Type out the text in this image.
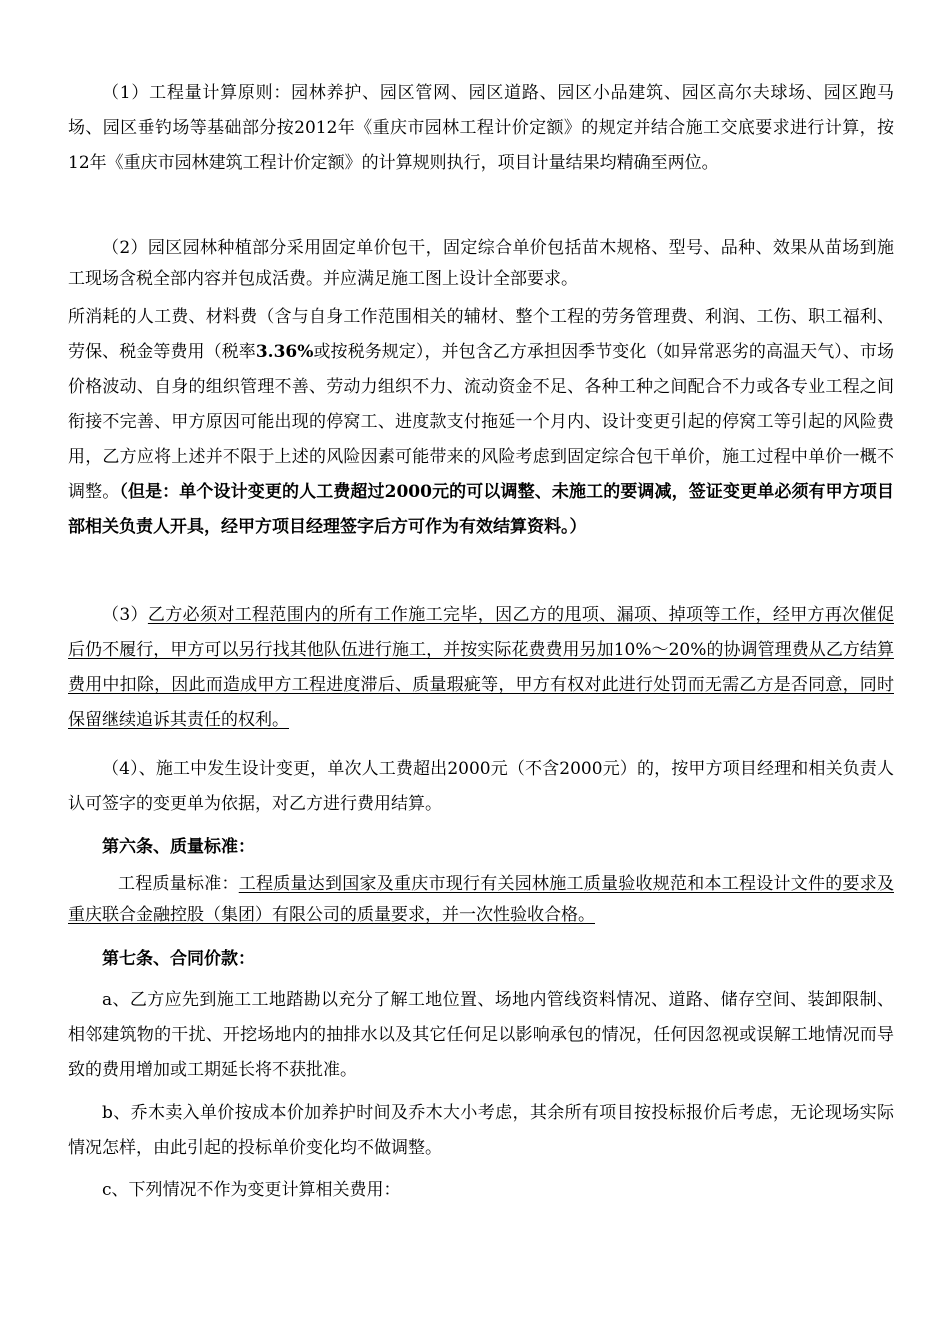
（1）工程量计算原则：园林养护、园区管网、园区道路、园区小品建筑、园区高尔夫球场、园区跑马场、园区垂钓场等基础部分按2012年《重庆市园林工程计价定额》的规定并结合施工交底要求进行计算，按12年《重庆市园林建筑工程计价定额》的计算规则执行，项目计量结果均精确至两位。

（2）园区园林种植部分采用固定单价包干，固定综合单价包括苗木规格、型号、品种、效果从苗场到施工现场含税全部内容并包成活费。并应满足施工图上设计全部要求。

所消耗的人工费、材料费（含与自身工作范围相关的辅材、整个工程的劳务管理费、利润、工伤、职工福利、劳保、税金等费用（税率3.36%或按税务规定），并包含乙方承担因季节变化（如异常恶劣的高温天气）、市场价格波动、自身的组织管理不善、劳动力组织不力、流动资金不足、各种工种之间配合不力或各专业工程之间衔接不完善、甲方原因可能出现的停窝工、进度款支付拖延一个月内、设计变更引起的停窝工等引起的风险费用，乙方应将上述并不限于上述的风险因素可能带来的风险考虑到固定综合包干单价，施工过程中单价一概不调整。（但是：单个设计变更的人工费超过2000元的可以调整、未施工的要调减，签证变更单必须有甲方项目部相关负责人开具，经甲方项目经理签字后方可作为有效结算资料。）

（3）乙方必须对工程范围内的所有工作施工完毕，因乙方的甩项、漏项、掉项等工作，经甲方再次催促后仍不履行，甲方可以另行找其他队伍进行施工，并按实际花费费用另加10%～20%的协调管理费从乙方结算费用中扣除，因此而造成甲方工程进度滞后、质量瑕疵等，甲方有权对此进行处罚而无需乙方是否同意，同时保留继续追诉其责任的权利。

（4）、施工中发生设计变更，单次人工费超出2000元（不含2000元）的，按甲方项目经理和相关负责人认可签字的变更单为依据，对乙方进行费用结算。

第六条、质量标准：

工程质量标准：工程质量达到国家及重庆市现行有关园林施工质量验收规范和本工程设计文件的要求及重庆联合金融控股（集团）有限公司的质量要求，并一次性验收合格。

第七条、合同价款：

a、乙方应先到施工工地踏勘以充分了解工地位置、场地内管线资料情况、道路、储存空间、装卸限制、相邻建筑物的干扰、开挖场地内的抽排水以及其它任何足以影响承包的情况，任何因忽视或误解工地情况而导致的费用增加或工期延长将不获批准。

b、乔木卖入单价按成本价加养护时间及乔木大小考虑，其余所有项目按投标报价后考虑，无论现场实际情况怎样，由此引起的投标单价变化均不做调整。

c、下列情况不作为变更计算相关费用：
